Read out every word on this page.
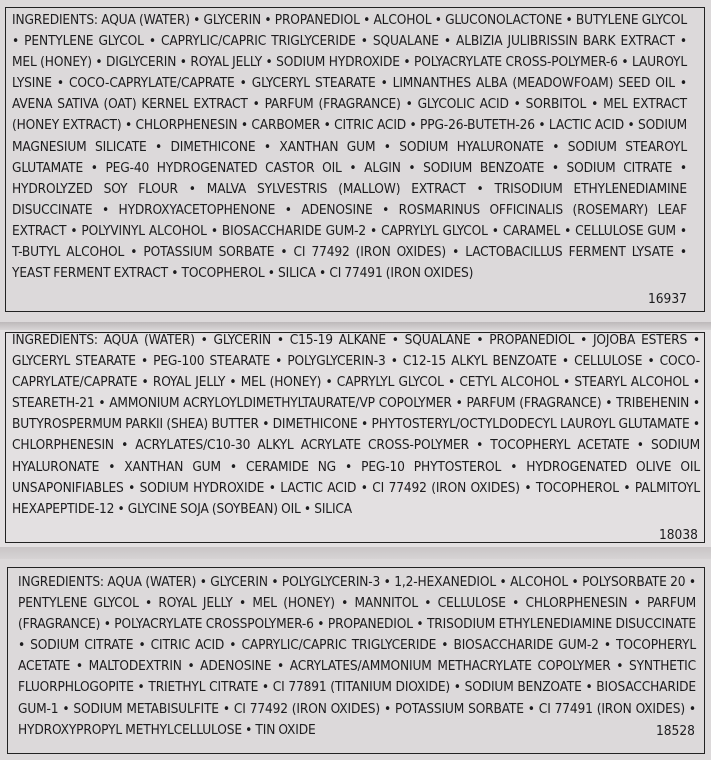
INGREDIENTS: AQUA (WATER) • GLYCERIN • PROPANEDIOL • ALCOHOL • GLUCONOLACTONE • BUTYLENE GLYCOL • PENTYLENE GLYCOL • CAPRYLIC/CAPRIC TRIGLYCERIDE • SQUALANE • ALBIZIA JULIBRISSIN BARK EXTRACT • MEL (HONEY) • DIGLYCERIN • ROYAL JELLY • SODIUM HYDROXIDE • POLYACRYLATE CROSS-POLYMER-6 • LAUROYL LYSINE • COCO-CAPRYLATE/CAPRATE • GLYCERYL STEARATE • LIMNANTHES ALBA (MEADOWFOAM) SEED OIL • AVENA SATIVA (OAT) KERNEL EXTRACT • PARFUM (FRAGRANCE) • GLYCOLIC ACID • SORBITOL • MEL EXTRACT (HONEY EXTRACT) • CHLORPHENESIN • CARBOMER • CITRIC ACID • PPG-26-BUTETH-26 • LACTIC ACID • SODIUM MAGNESIUM SILICATE • DIMETHICONE • XANTHAN GUM • SODIUM HYALURONATE • SODIUM STEAROYL GLUTAMATE • PEG-40 HYDROGENATED CASTOR OIL • ALGIN • SODIUM BENZOATE • SODIUM CITRATE • HYDROLYZED SOY FLOUR • MALVA SYLVESTRIS (MALLOW) EXTRACT • TRISODIUM ETHYLENEDIAMINE DISUCCINATE • HYDROXYACETOPHENONE • ADENOSINE • ROSMARINUS OFFICINALIS (ROSEMARY) LEAF EXTRACT • POLYVINYL ALCOHOL • BIOSACCHARIDE GUM-2 • CAPRYLYL GLYCOL • CARAMEL • CELLULOSE GUM • T-BUTYL ALCOHOL • POTASSIUM SORBATE • CI 77492 (IRON OXIDES) • LACTOBACILLUS FERMENT LYSATE • YEAST FERMENT EXTRACT • TOCOPHEROL • SILICA • CI 77491 (IRON OXIDES)

16937

INGREDIENTS: AQUA (WATER) • GLYCERIN • C15-19 ALKANE • SQUALANE • PROPANEDIOL • JOJOBA ESTERS • GLYCERYL STEARATE • PEG-100 STEARATE • POLYGLYCERIN-3 • C12-15 ALKYL BENZOATE • CELLULOSE • COCO-CAPRYLATE/CAPRATE • ROYAL JELLY • MEL (HONEY) • CAPRYLYL GLYCOL • CETYL ALCOHOL • STEARYL ALCOHOL • STEARETH-21 • AMMONIUM ACRYLOYLDIMETHYLTAURATE/VP COPOLYMER • PARFUM (FRAGRANCE) • TRIBEHENIN • BUTYROSPERMUM PARKII (SHEA) BUTTER • DIMETHICONE • PHYTOSTERYL/OCTYLDODECYL LAUROYL GLUTAMATE • CHLORPHENESIN • ACRYLATES/C10-30 ALKYL ACRYLATE CROSS-POLYMER • TOCOPHERYL ACETATE • SODIUM HYALURONATE • XANTHAN GUM • CERAMIDE NG • PEG-10 PHYTOSTEROL • HYDROGENATED OLIVE OIL UNSAPONIFIABLES • SODIUM HYDROXIDE • LACTIC ACID • CI 77492 (IRON OXIDES) • TOCOPHEROL • PALMITOYL HEXAPEPTIDE-12 • GLYCINE SOJA (SOYBEAN) OIL • SILICA

18038

INGREDIENTS: AQUA (WATER) • GLYCERIN • POLYGLYCERIN-3 • 1,2-HEXANEDIOL • ALCOHOL • POLYSORBATE 20 • PENTYLENE GLYCOL • ROYAL JELLY • MEL (HONEY) • MANNITOL • CELLULOSE • CHLORPHENESIN • PARFUM (FRAGRANCE) • POLYACRYLATE CROSSPOLYMER-6 • PROPANEDIOL • TRISODIUM ETHYLENEDIAMINE DISUCCINATE • SODIUM CITRATE • CITRIC ACID • CAPRYLIC/CAPRIC TRIGLYCERIDE • BIOSACCHARIDE GUM-2 • TOCOPHERYL ACETATE • MALTODEXTRIN • ADENOSINE • ACRYLATES/AMMONIUM METHACRYLATE COPOLYMER • SYNTHETIC FLUORPHLOGOPITE • TRIETHYL CITRATE • CI 77891 (TITANIUM DIOXIDE) • SODIUM BENZOATE • BIOSACCHARIDE GUM-1 • SODIUM METABISULFITE • CI 77492 (IRON OXIDES) • POTASSIUM SORBATE • CI 77491 (IRON OXIDES) • HYDROXYPROPYL METHYLCELLULOSE • TIN OXIDE	18528
